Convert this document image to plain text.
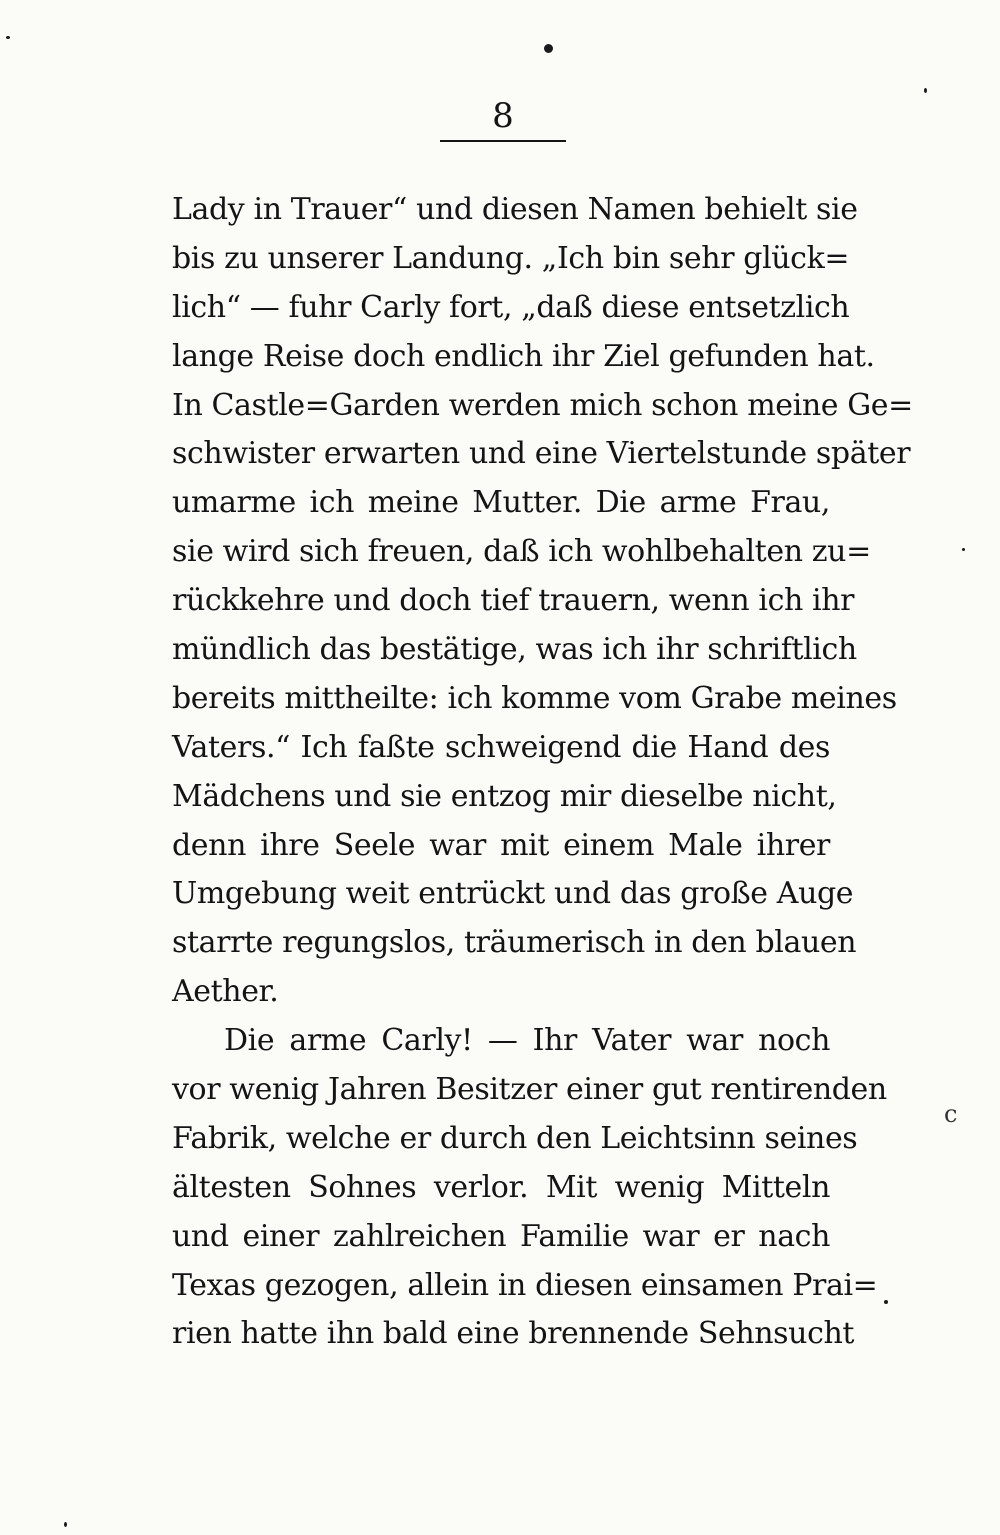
c
8
Lady in Trauer“ und diesen Namen behielt sie
bis zu unserer Landung. „Ich bin sehr glück=
lich“ — fuhr Carly fort, „daß diese entsetzlich
lange Reise doch endlich ihr Ziel gefunden hat.
In Castle=Garden werden mich schon meine Ge=
schwister erwarten und eine Viertelstunde später
umarme ich meine Mutter. Die arme Frau,
sie wird sich freuen, daß ich wohlbehalten zu=
rückkehre und doch tief trauern, wenn ich ihr
mündlich das bestätige, was ich ihr schriftlich
bereits mittheilte: ich komme vom Grabe meines
Vaters.“ Ich faßte schweigend die Hand des
Mädchens und sie entzog mir dieselbe nicht,
denn ihre Seele war mit einem Male ihrer
Umgebung weit entrückt und das große Auge
starrte regungslos, träumerisch in den blauen
Aether.
Die arme Carly! — Ihr Vater war noch
vor wenig Jahren Besitzer einer gut rentirenden
Fabrik, welche er durch den Leichtsinn seines
ältesten Sohnes verlor. Mit wenig Mitteln
und einer zahlreichen Familie war er nach
Texas gezogen, allein in diesen einsamen Prai=
rien hatte ihn bald eine brennende Sehnsucht
